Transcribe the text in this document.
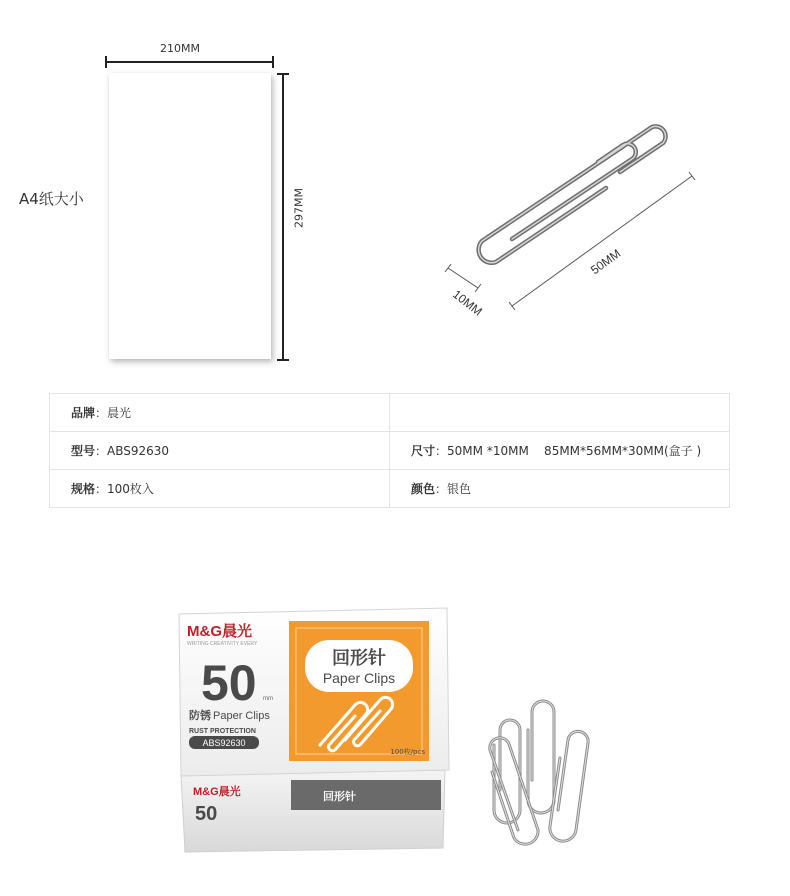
210MM
297MM
A4纸大小
50MM
10MM
品牌：晨光	
型号：ABS92630	尺寸：50MM *10MM    85MM*56MM*30MM(盒子 )
规格：100枚入	颜色：银色
M&G晨光
WRITING CREATIVITY EVERY
50 mm
防锈 Paper Clips
RUST PROTECTION
ABS92630
回形针
Paper Clips
100枚/pcs
M&G晨光
50
回形针
